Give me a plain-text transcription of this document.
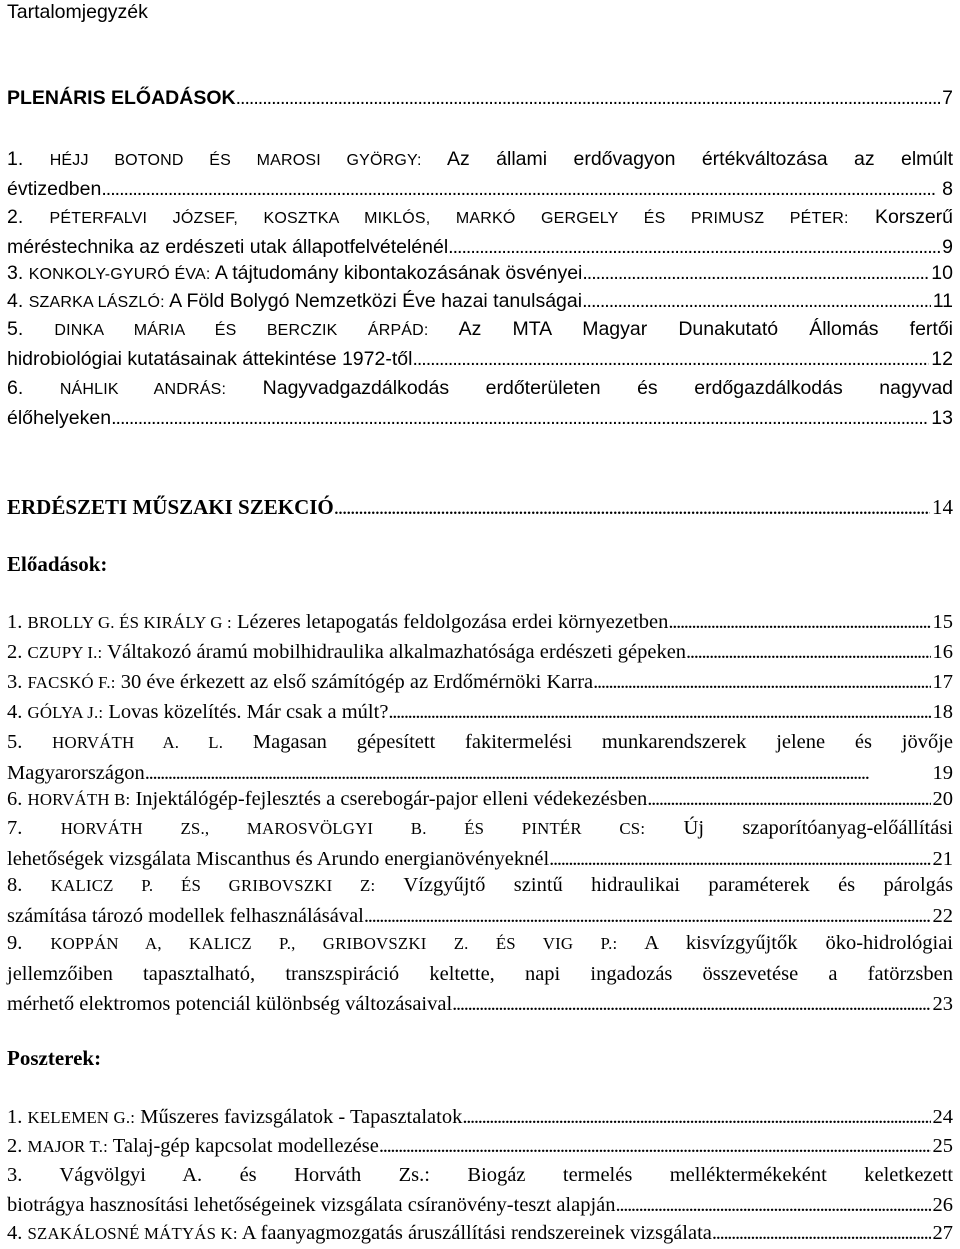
Tartalomjegyzék
PLENÁRIS ELŐADÁSOK . . .	7
1. HÉJJ BOTOND ÉS MAROSI GYÖRGY: Az állami erdővagyon értékváltozása az elmúlt
évtizedben . . .	8
2. PÉTERFALVI JÓZSEF, KOSZTKA MIKLÓS, MARKÓ GERGELY ÉS PRIMUSZ PÉTER: Korszerű
méréstechnika az erdészeti utak állapotfelvételénél . . .	9
3. KONKOLY-GYURÓ ÉVA: A tájtudomány kibontakozásának ösvényei . . .	10
4. SZARKA LÁSZLÓ: A Föld Bolygó Nemzetközi Éve hazai tanulságai . . .	11
5. DINKA MÁRIA ÉS BERCZIK ÁRPÁD: Az MTA Magyar Dunakutató Állomás fertői
hidrobiológiai kutatásainak áttekintése 1972-től . . .	12
6. NÁHLIK ANDRÁS: Nagyvadgazdálkodás erdőterületen és erdőgazdálkodás nagyvad
élőhelyeken . . .	13
ERDÉSZETI MŰSZAKI SZEKCIÓ . . .	14
Előadások:
1. BROLLY G. ÉS KIRÁLY G : Lézeres letapogatás feldolgozása erdei környezetben . . .	15
2. CZUPY I.: Váltakozó áramú mobilhidraulika alkalmazhatósága erdészeti gépeken . . .	16
3. FACSKÓ F.: 30 éve érkezett az első számítógép az Erdőmérnöki Karra . . .	17
4. GÓLYA J.: Lovas közelítés. Már csak a múlt? . . .	18
5. HORVÁTH A. L. Magasan gépesített fakitermelési munkarendszerek jelene és jövője
Magyarországon . . .	19
6. HORVÁTH B: Injektálógép-fejlesztés a cserebogár-pajor elleni védekezésben . . .	20
7. HORVÁTH ZS., MAROSVÖLGYI B. ÉS PINTÉR CS: Új szaporítóanyag-előállítási
lehetőségek vizsgálata Miscanthus és Arundo energianövényeknél . . .	21
8. KALICZ P. ÉS GRIBOVSZKI Z: Vízgyűjtő szintű hidraulikai paraméterek és párolgás
számítása tározó modellek felhasználásával . . .	22
9. KOPPÁN A, KALICZ P., GRIBOVSZKI Z. ÉS VIG P.: A kisvízgyűjtők öko-hidrológiai
jellemzőiben tapasztalható, transzspiráció keltette, napi ingadozás összevetése a fatörzsben
mérhető elektromos potenciál különbség változásaival . . .	23
Poszterek:
1. KELEMEN G.: Műszeres favizsgálatok - Tapasztalatok . . .	24
2. MAJOR T.: Talaj-gép kapcsolat modellezése . . .	25
3. Vágvölgyi A. és Horváth Zs.: Biogáz termelés melléktermékeként keletkezett
biotrágya hasznosítási lehetőségeinek vizsgálata csíranövény-teszt alapján . . .	26
4. SZAKÁLOSNÉ MÁTYÁS K: A faanyagmozgatás áruszállítási rendszereinek vizsgálata . . .	27
